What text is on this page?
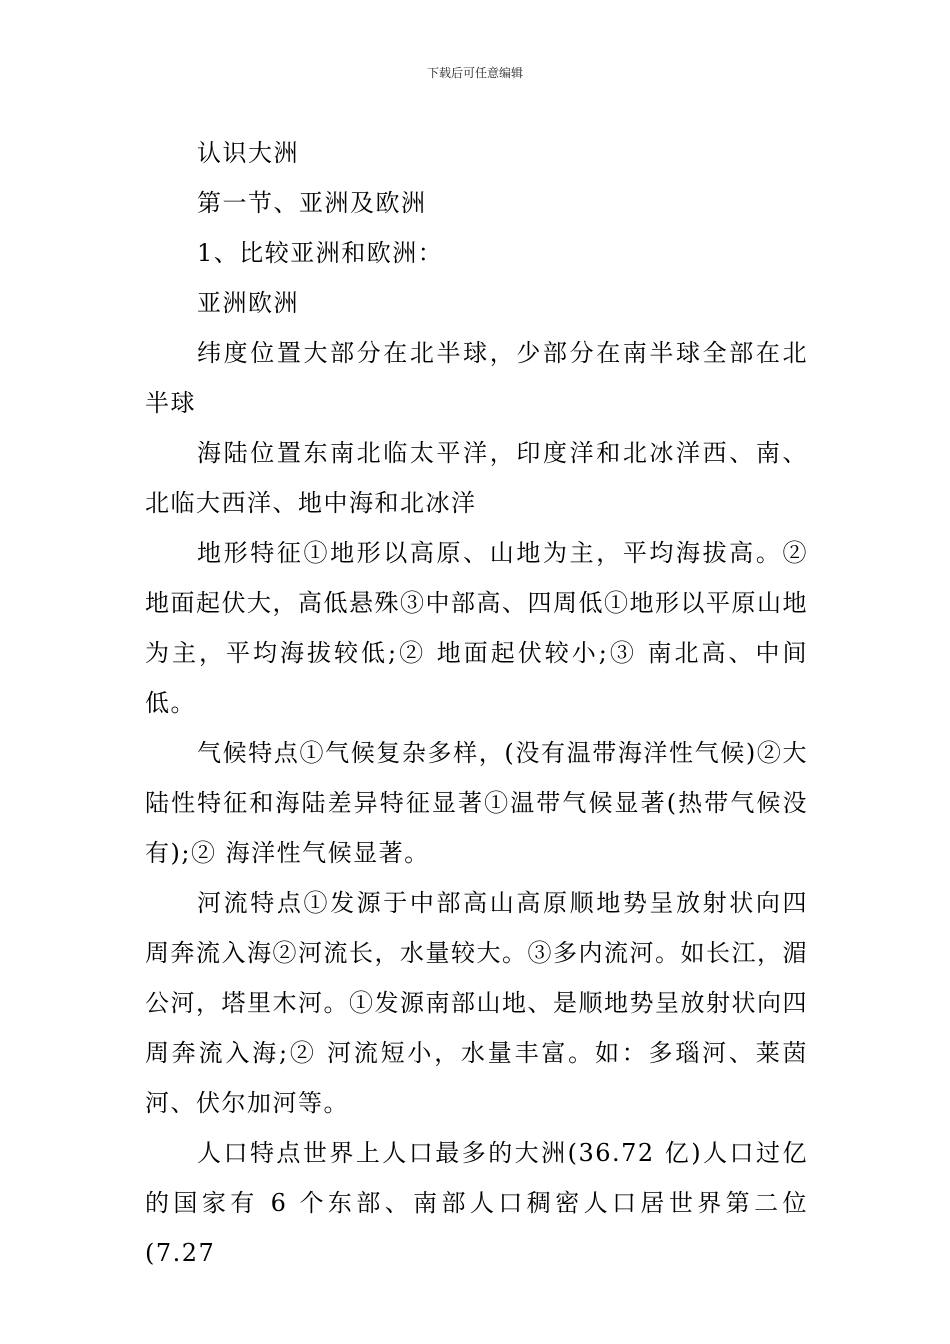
下载后可任意编辑

认识大洲

第一节、亚洲及欧洲

1、比较亚洲和欧洲：

亚洲欧洲

纬度位置大部分在北半球，少部分在南半球全部在北半球

海陆位置东南北临太平洋，印度洋和北冰洋西、南、北临大西洋、地中海和北冰洋

地形特征①地形以高原、山地为主，平均海拔高。②地面起伏大，高低悬殊③中部高、四周低①地形以平原山地为主，平均海拔较低;② 地面起伏较小;③ 南北高、中间低。

气候特点①气候复杂多样，(没有温带海洋性气候)②大陆性特征和海陆差异特征显著①温带气候显著(热带气候没有);② 海洋性气候显著。

河流特点①发源于中部高山高原顺地势呈放射状向四周奔流入海②河流长，水量较大。③多内流河。如长江，湄公河，塔里木河。①发源南部山地、是顺地势呈放射状向四周奔流入海;② 河流短小，水量丰富。如：多瑙河、莱茵河、伏尔加河等。

人口特点世界上人口最多的大洲(36.72 亿)人口过亿的国家有 6 个东部、南部人口稠密人口居世界第二位(7.27
